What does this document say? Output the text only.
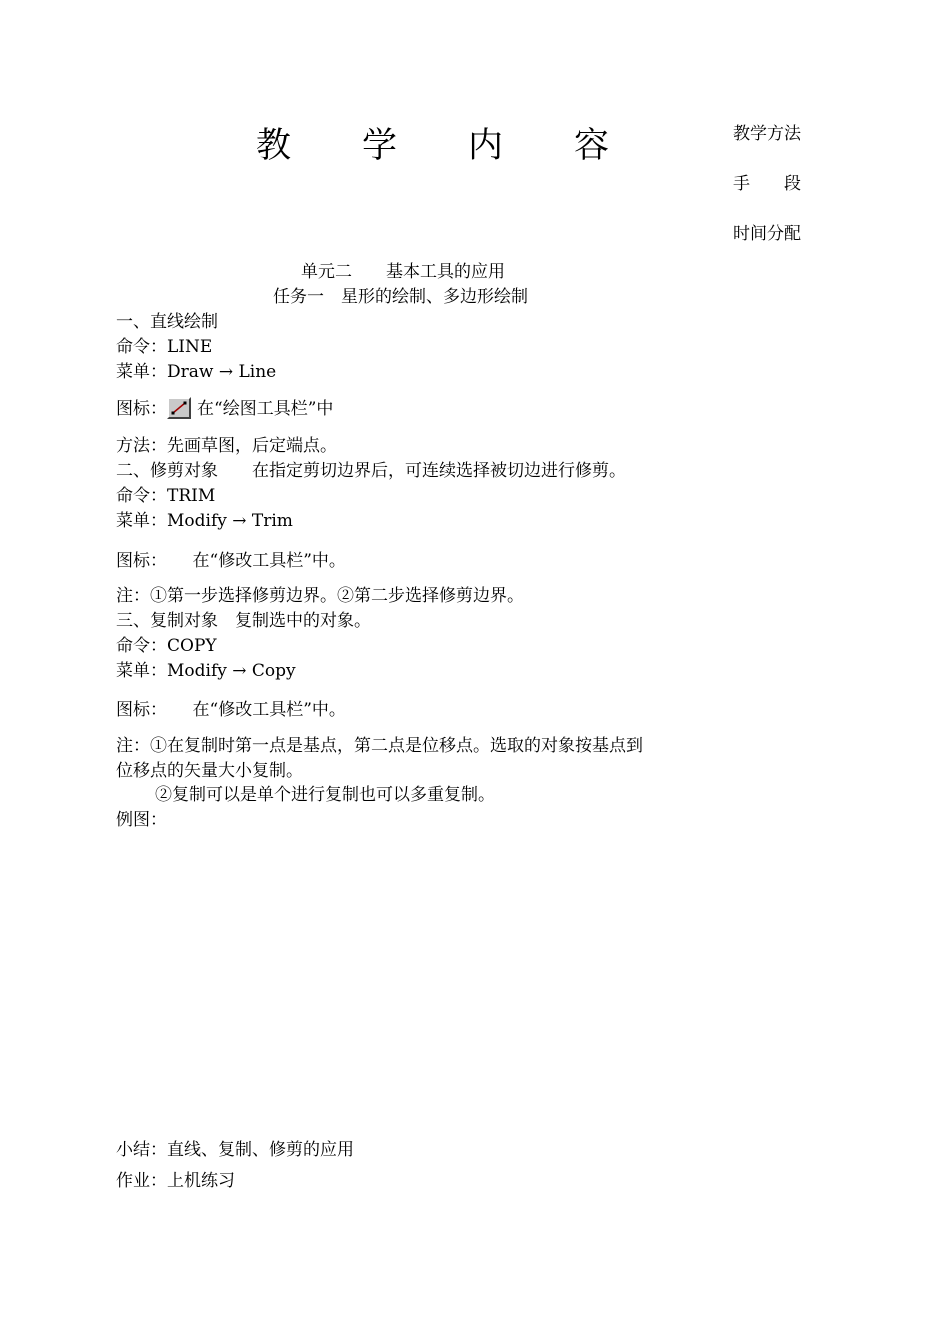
教 学 内 容	教学方法
手　　段
时间分配
单元二　　基本工具的应用
任务一　星形的绘制、多边形绘制
一、直线绘制
命令：LINE
菜单：Draw → Line
图标： 在“绘图工具栏”中
方法：先画草图，后定端点。
二、修剪对象　　在指定剪切边界后，可连续选择被切边进行修剪。
命令：TRIM
菜单：Modify → Trim
图标：　　在“修改工具栏”中。
注：①第一步选择修剪边界。②第二步选择修剪边界。
三、复制对象　复制选中的对象。
命令：COPY
菜单：Modify → Copy
图标：　　在“修改工具栏”中。
注：①在复制时第一点是基点，第二点是位移点。选取的对象按基点到
位移点的矢量大小复制。
②复制可以是单个进行复制也可以多重复制。
例图：
小结：直线、复制、修剪的应用
作业：上机练习
